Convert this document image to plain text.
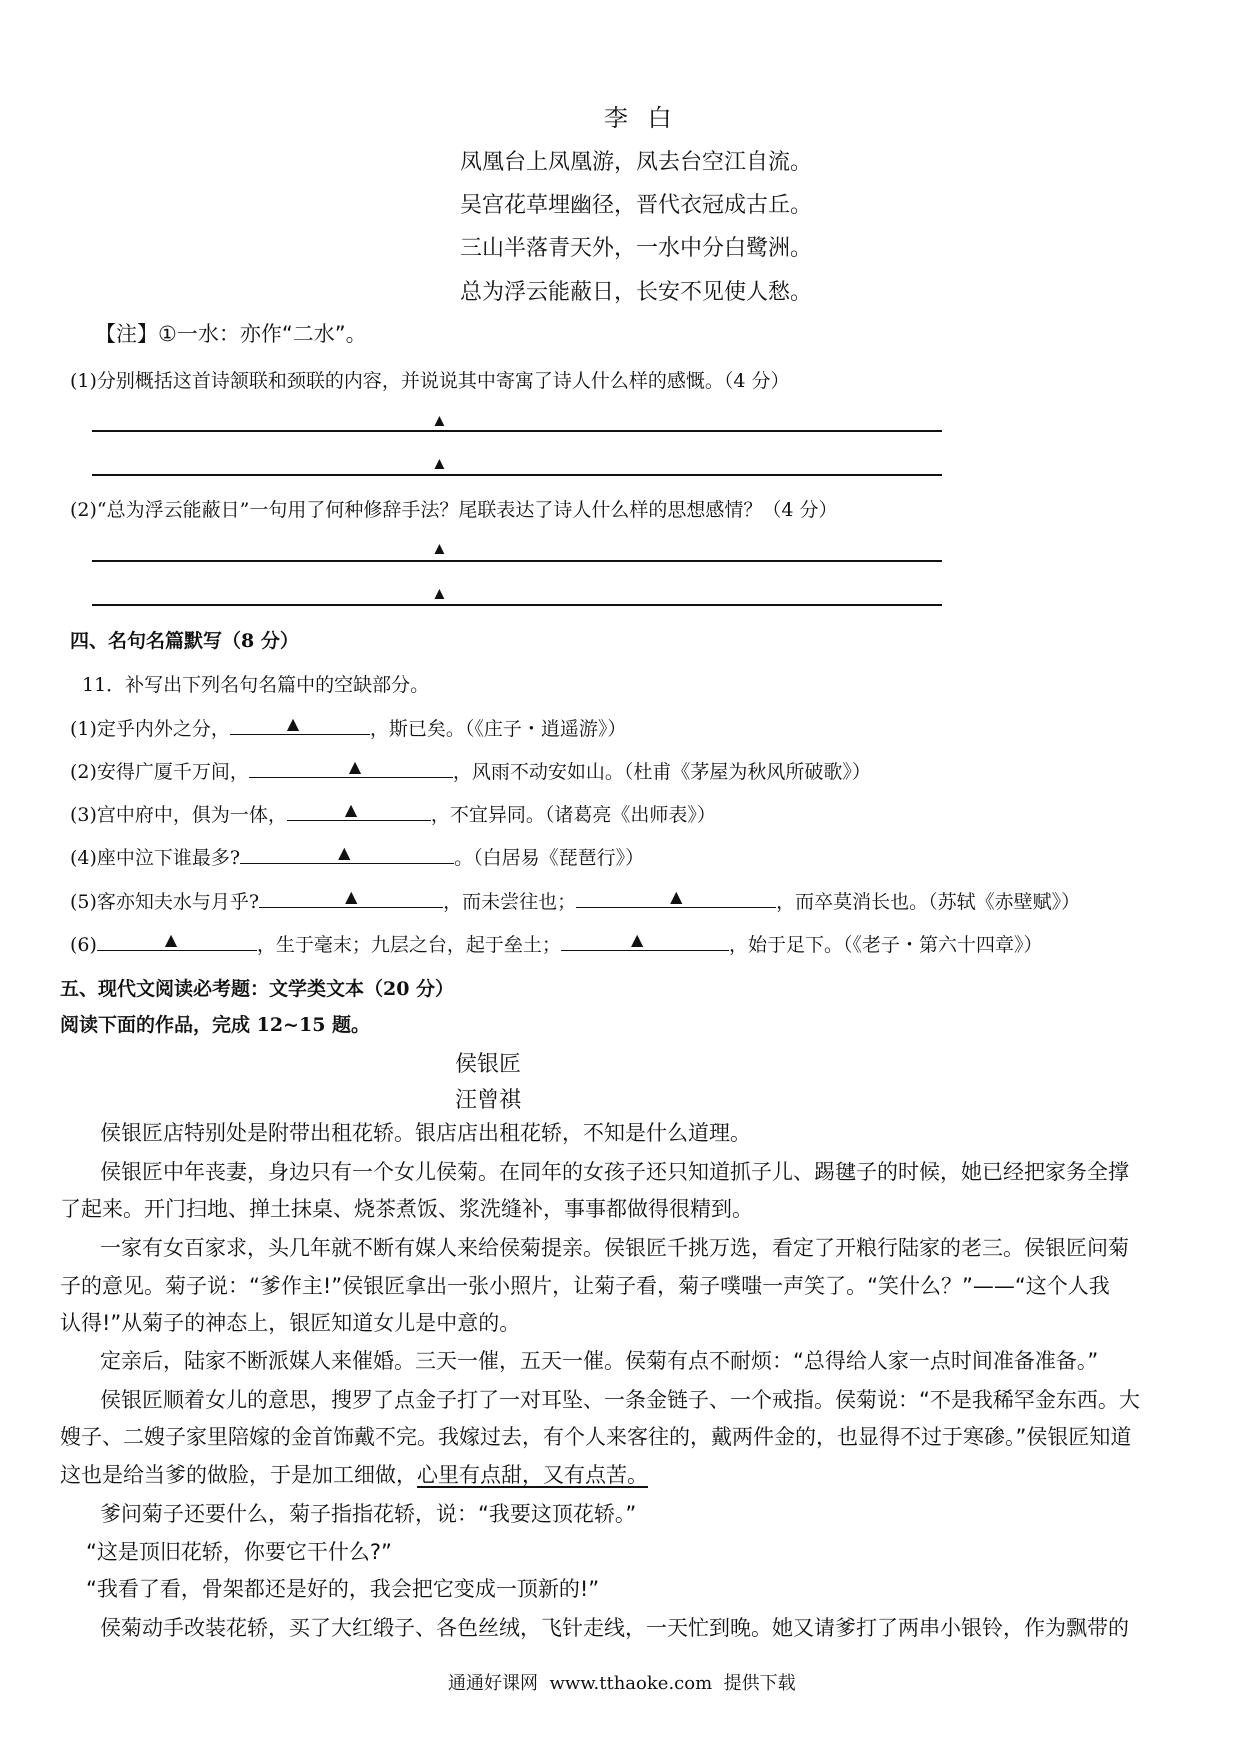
李 白
凤凰台上凤凰游，凤去台空江自流。
吴宫花草埋幽径，晋代衣冠成古丘。
三山半落青天外，一水中分白鹭洲。
总为浮云能蔽日，长安不见使人愁。
【注】①一水：亦作“二水”。
(1)分别概括这首诗颔联和颈联的内容，并说说其中寄寓了诗人什么样的感慨。（4 分）
▲
▲
(2)“总为浮云能蔽日”一句用了何种修辞手法？尾联表达了诗人什么样的思想感情？（4 分）
▲
▲
四、名句名篇默写（8 分）
11．补写出下列名句名篇中的空缺部分。
(1)定乎内外之分，	▲	，斯已矣。（《庄子・逍遥游》）
(2)安得广厦千万间，	▲	，风雨不动安如山。（杜甫《茅屋为秋风所破歌》）
(3)宫中府中，俱为一体，	▲	，不宜异同。（诸葛亮《出师表》）
(4)座中泣下谁最多?	▲	。（白居易《琵琶行》）
(5)客亦知夫水与月乎?	▲	，而未尝往也；	▲	，而卒莫消长也。（苏轼《赤壁赋》）
(6)	▲	，生于毫末；九层之台，起于垒土；	▲	，始于足下。（《老子・第六十四章》）
五、现代文阅读必考题：文学类文本（20 分）
阅读下面的作品，完成 12~15 题。
侯银匠
汪曾祺
侯银匠店特别处是附带出租花轿。银店店出租花轿，不知是什么道理。
侯银匠中年丧妻，身边只有一个女儿侯菊。在同年的女孩子还只知道抓子儿、踢毽子的时候，她已经把家务全撑
了起来。开门扫地、掸土抹桌、烧茶煮饭、浆洗缝补，事事都做得很精到。
一家有女百家求，头几年就不断有媒人来给侯菊提亲。侯银匠千挑万选，看定了开粮行陆家的老三。侯银匠问菊
子的意见。菊子说：“爹作主!”侯银匠拿出一张小照片，让菊子看，菊子噗嗤一声笑了。“笑什么？”——“这个人我
认得!”从菊子的神态上，银匠知道女儿是中意的。
定亲后，陆家不断派媒人来催婚。三天一催，五天一催。侯菊有点不耐烦：“总得给人家一点时间准备准备。”
侯银匠顺着女儿的意思，搜罗了点金子打了一对耳坠、一条金链子、一个戒指。侯菊说：“不是我稀罕金东西。大
嫂子、二嫂子家里陪嫁的金首饰戴不完。我嫁过去，有个人来客往的，戴两件金的，也显得不过于寒碜。”侯银匠知道
这也是给当爹的做脸，于是加工细做，心里有点甜，又有点苦。
爹问菊子还要什么，菊子指指花轿，说：“我要这顶花轿。”
“这是顶旧花轿，你要它干什么?”
“我看了看，骨架都还是好的，我会把它变成一顶新的!”
侯菊动手改装花轿，买了大红缎子、各色丝绒，飞针走线，一天忙到晚。她又请爹打了两串小银铃，作为飘带的
通通好课网  www.tthaoke.com  提供下载
